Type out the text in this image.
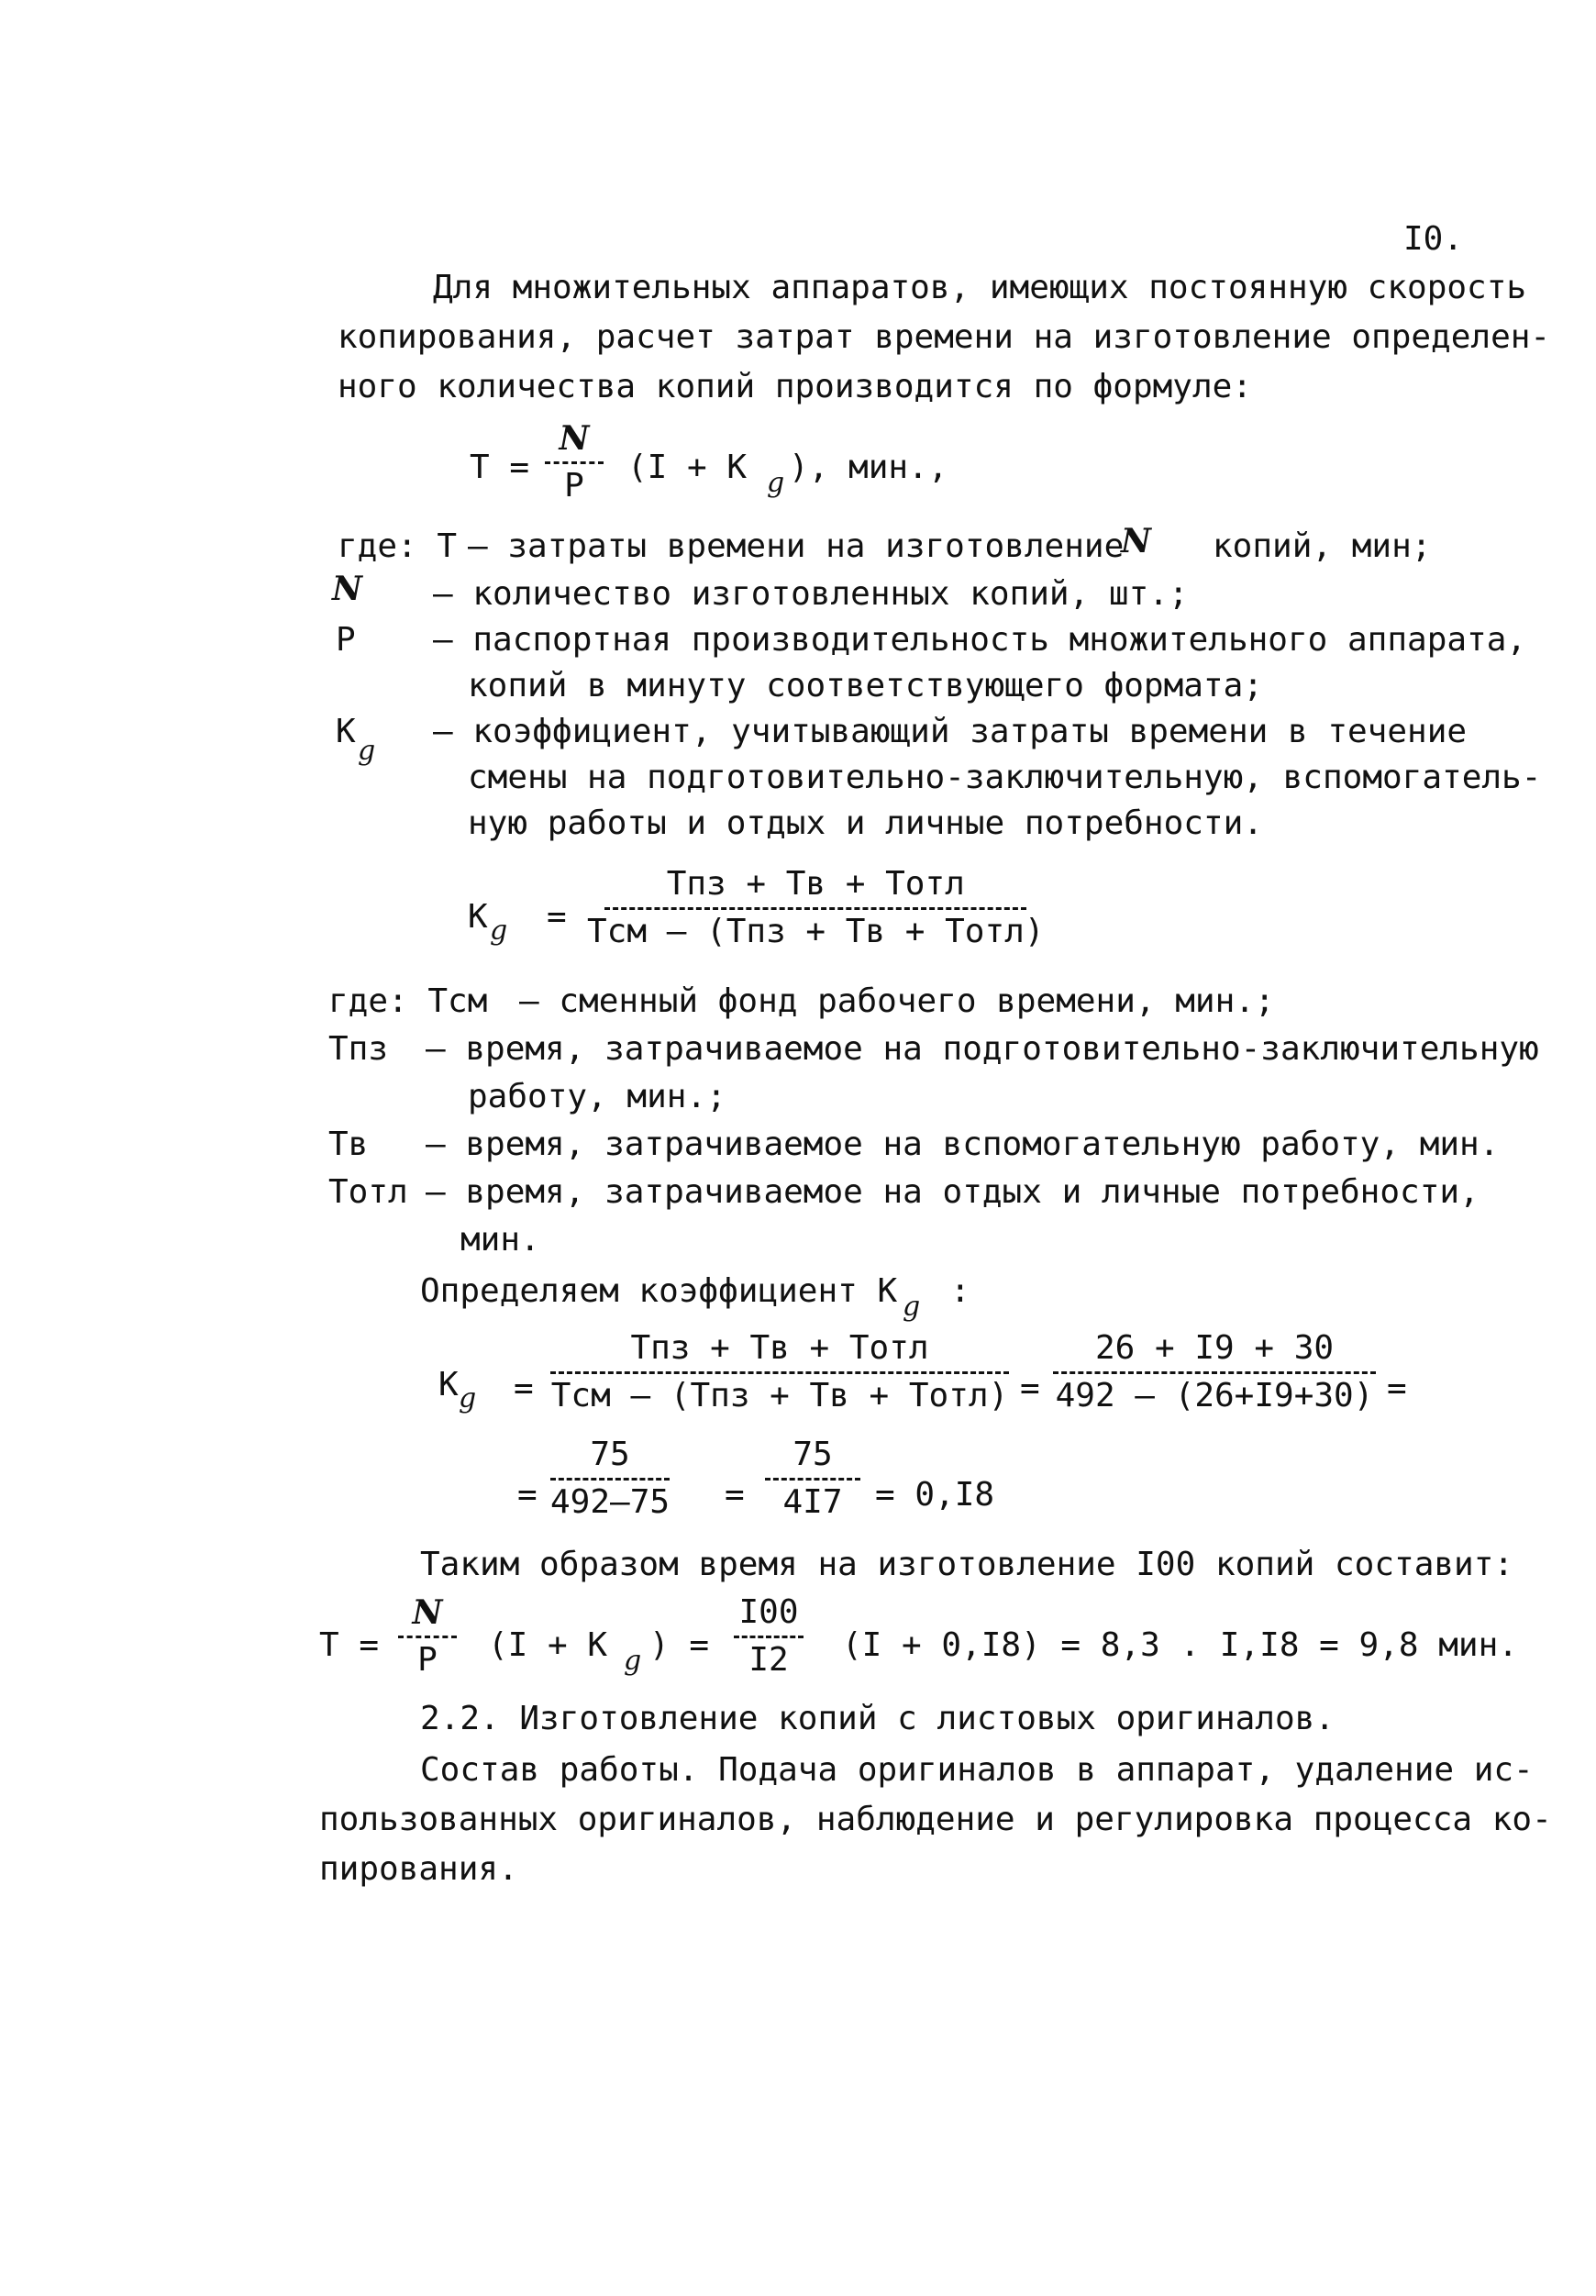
I0.
Для множительных аппаратов, имеющих постоянную скорость
копирования, расчет затрат времени на изготовление определен-
ного количества копий производится по формуле:
T =
N
P (I + K g ), мин.,
где: T – затраты времени на изготовление
N копий, мин;
N – количество изготовленных копий, шт.;
P – паспортная производительность множительного аппарата,
копий в минуту соответствующего формата;
K
g
– коэффициент, учитывающий затраты времени в течение
смены на подготовительно-заключительную, вспомогатель-
ную работы и отдых и личные потребности.
K g =
Tпз + Tв + Tотл
Tсм – (Tпз + Tв + Tотл)
где: Tсм – сменный фонд рабочего времени, мин.;
Tпз – время, затрачиваемое на подготовительно-заключительную
работу, мин.;
Tв – время, затрачиваемое на вспомогательную работу, мин.
Tотл – время, затрачиваемое на отдых и личные потребности,
мин.
Определяем коэффициент K g :
K g =
Tпз + Tв + Tотл
Tсм – (Tпз + Tв + Tотл) =
26 + I9 + 30
492 – (26+I9+30) =
=
75
492–75 =
75
4I7 = 0,I8
Таким образом время на изготовление I00 копий составит:
T =
N
P (I + K g ) =
I00
I2 (I + 0,I8) = 8,3 . I,I8 = 9,8 мин.
2.2. Изготовление копий с листовых оригиналов.
Состав работы. Подача оригиналов в аппарат, удаление ис-
пользованных оригиналов, наблюдение и регулировка процесса ко-
пирования.
